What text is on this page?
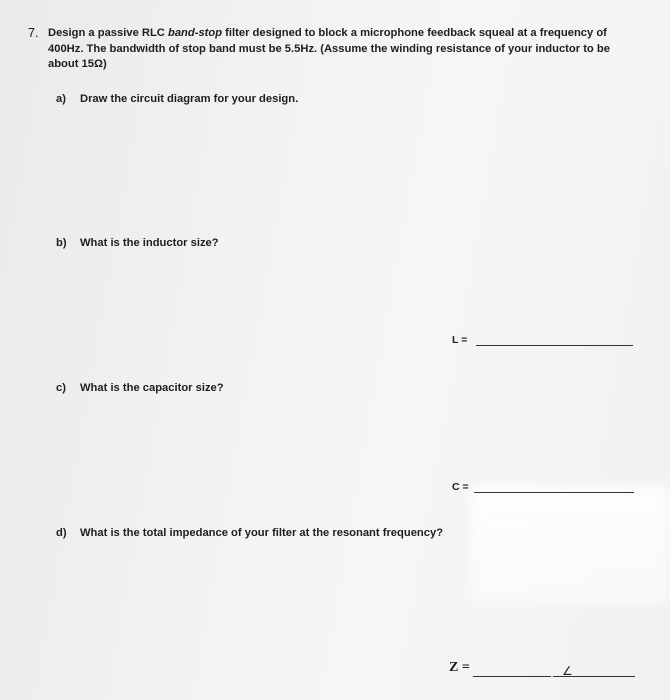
7. Design a passive RLC band-stop filter designed to block a microphone feedback squeal at a frequency of 400Hz. The bandwidth of stop band must be 5.5Hz. (Assume the winding resistance of your inductor to be about 15Ω)
a) Draw the circuit diagram for your design.
b) What is the inductor size?
L =
c) What is the capacitor size?
C =
d) What is the total impedance of your filter at the resonant frequency?
Z =	∠
